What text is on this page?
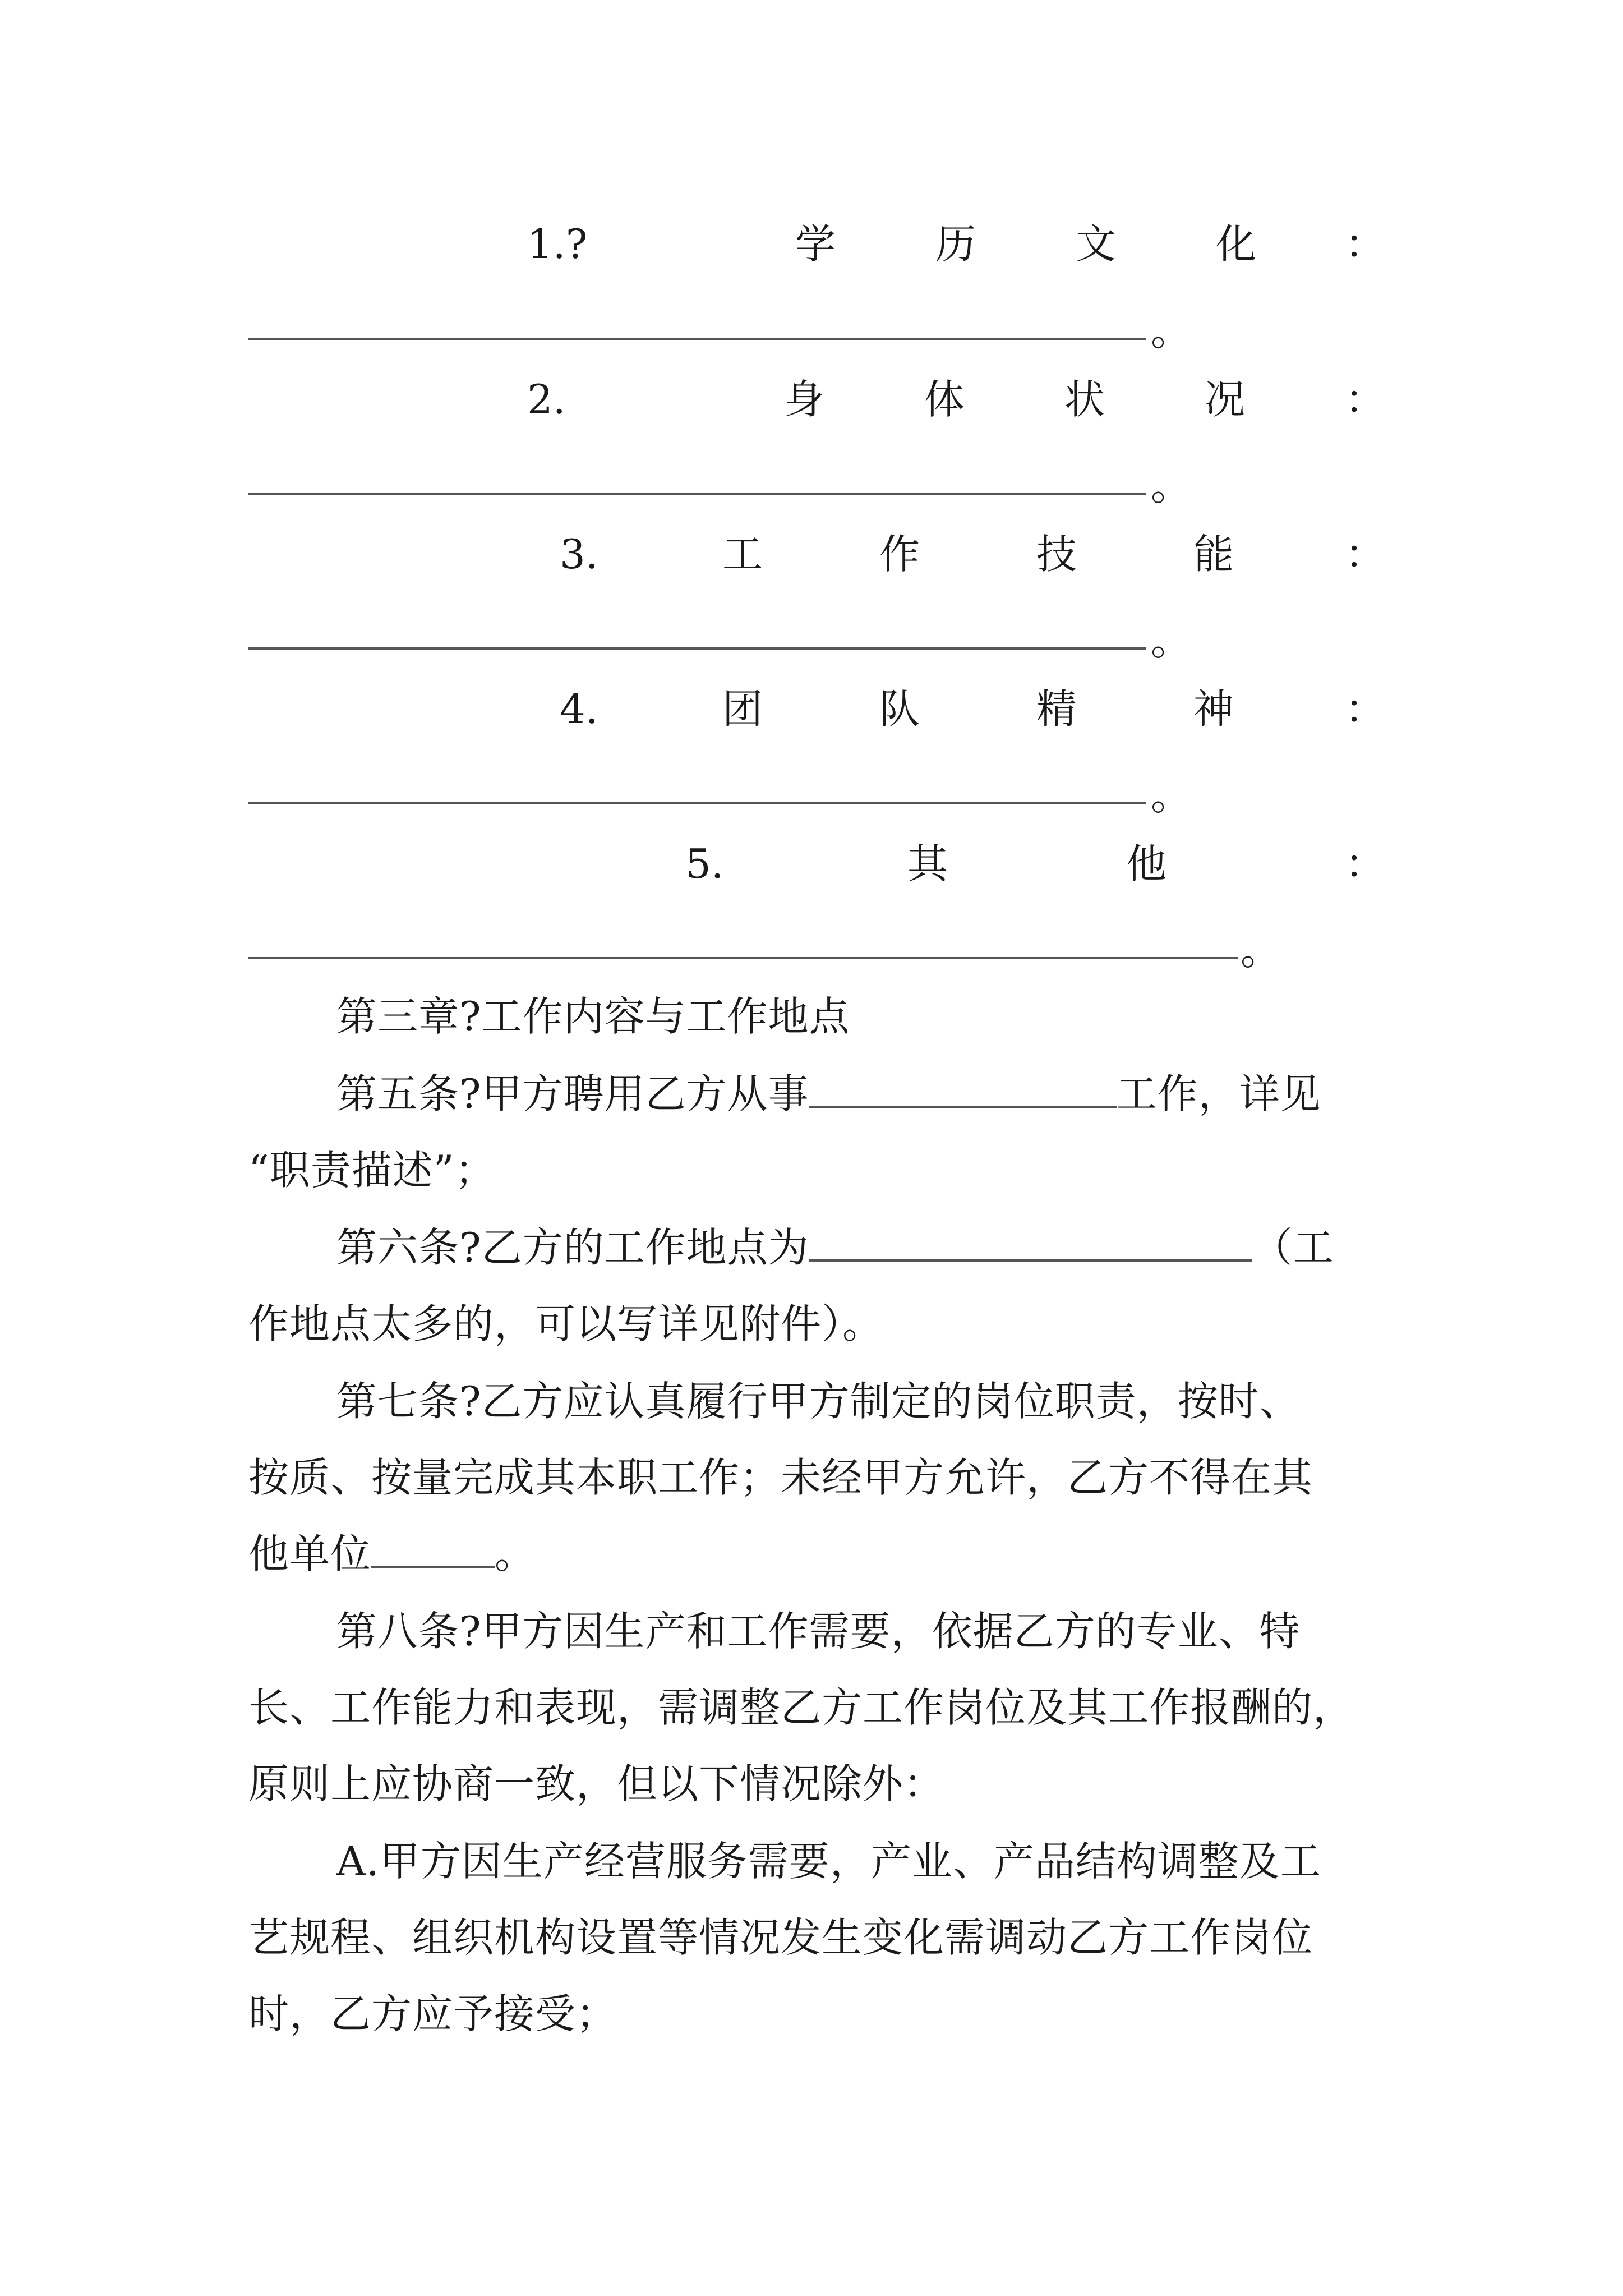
1.?	学 历 文 化 ：
。
2.	身 体 状 况 ：
。
3.	工	作	技	能	：
。
4.	团	队	精	神	：
。
5.	其	他	：
。
第三章?工作内容与工作地点
第五条?甲方聘用乙方从事	工作，详见
“职责描述”；
第六条?乙方的工作地点为	（工
作地点太多的，可以写详见附件）。
第七条?乙方应认真履行甲方制定的岗位职责，按时、
按质、按量完成其本职工作；未经甲方允许，乙方不得在其
他单位	。
第八条?甲方因生产和工作需要，依据乙方的专业、特
长、工作能力和表现，需调整乙方工作岗位及其工作报酬的，
原则上应协商一致，但以下情况除外：
A.甲方因生产经营服务需要，产业、产品结构调整及工
艺规程、组织机构设置等情况发生变化需调动乙方工作岗位
时，乙方应予接受；
